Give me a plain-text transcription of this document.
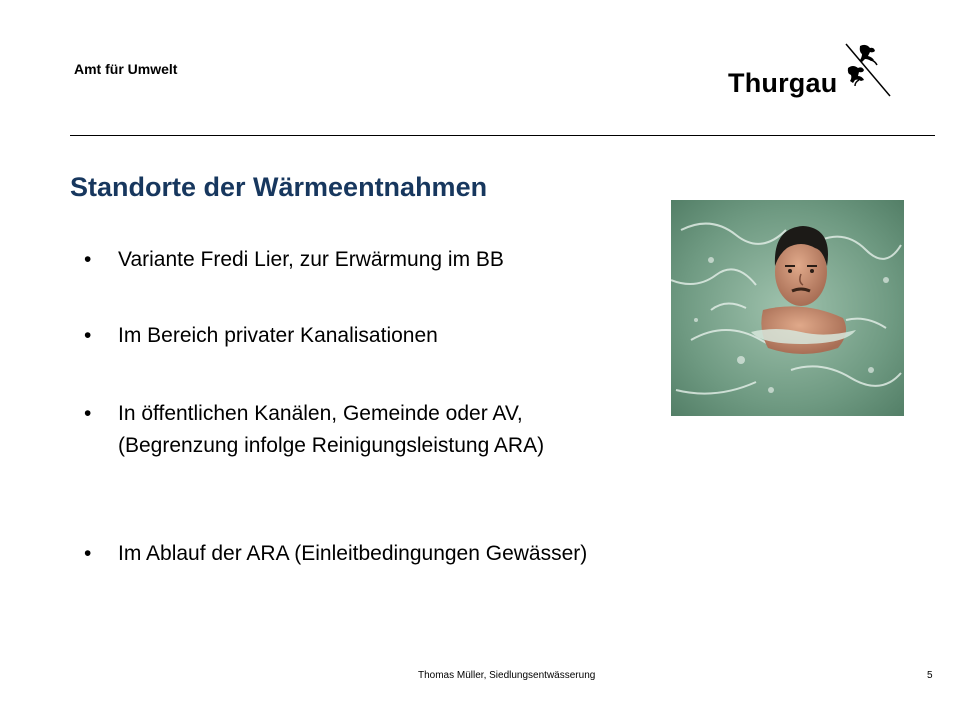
Amt für Umwelt	Thurgau
Standorte der Wärmeentnahmen
• Variante Fredi Lier, zur Erwärmung im BB
• Im Bereich privater Kanalisationen
• In öffentlichen Kanälen, Gemeinde oder AV, (Begrenzung infolge Reinigungsleistung ARA)
• Im Ablauf der ARA (Einleitbedingungen Gewässer)
Thomas Müller, Siedlungsentwässerung	5
